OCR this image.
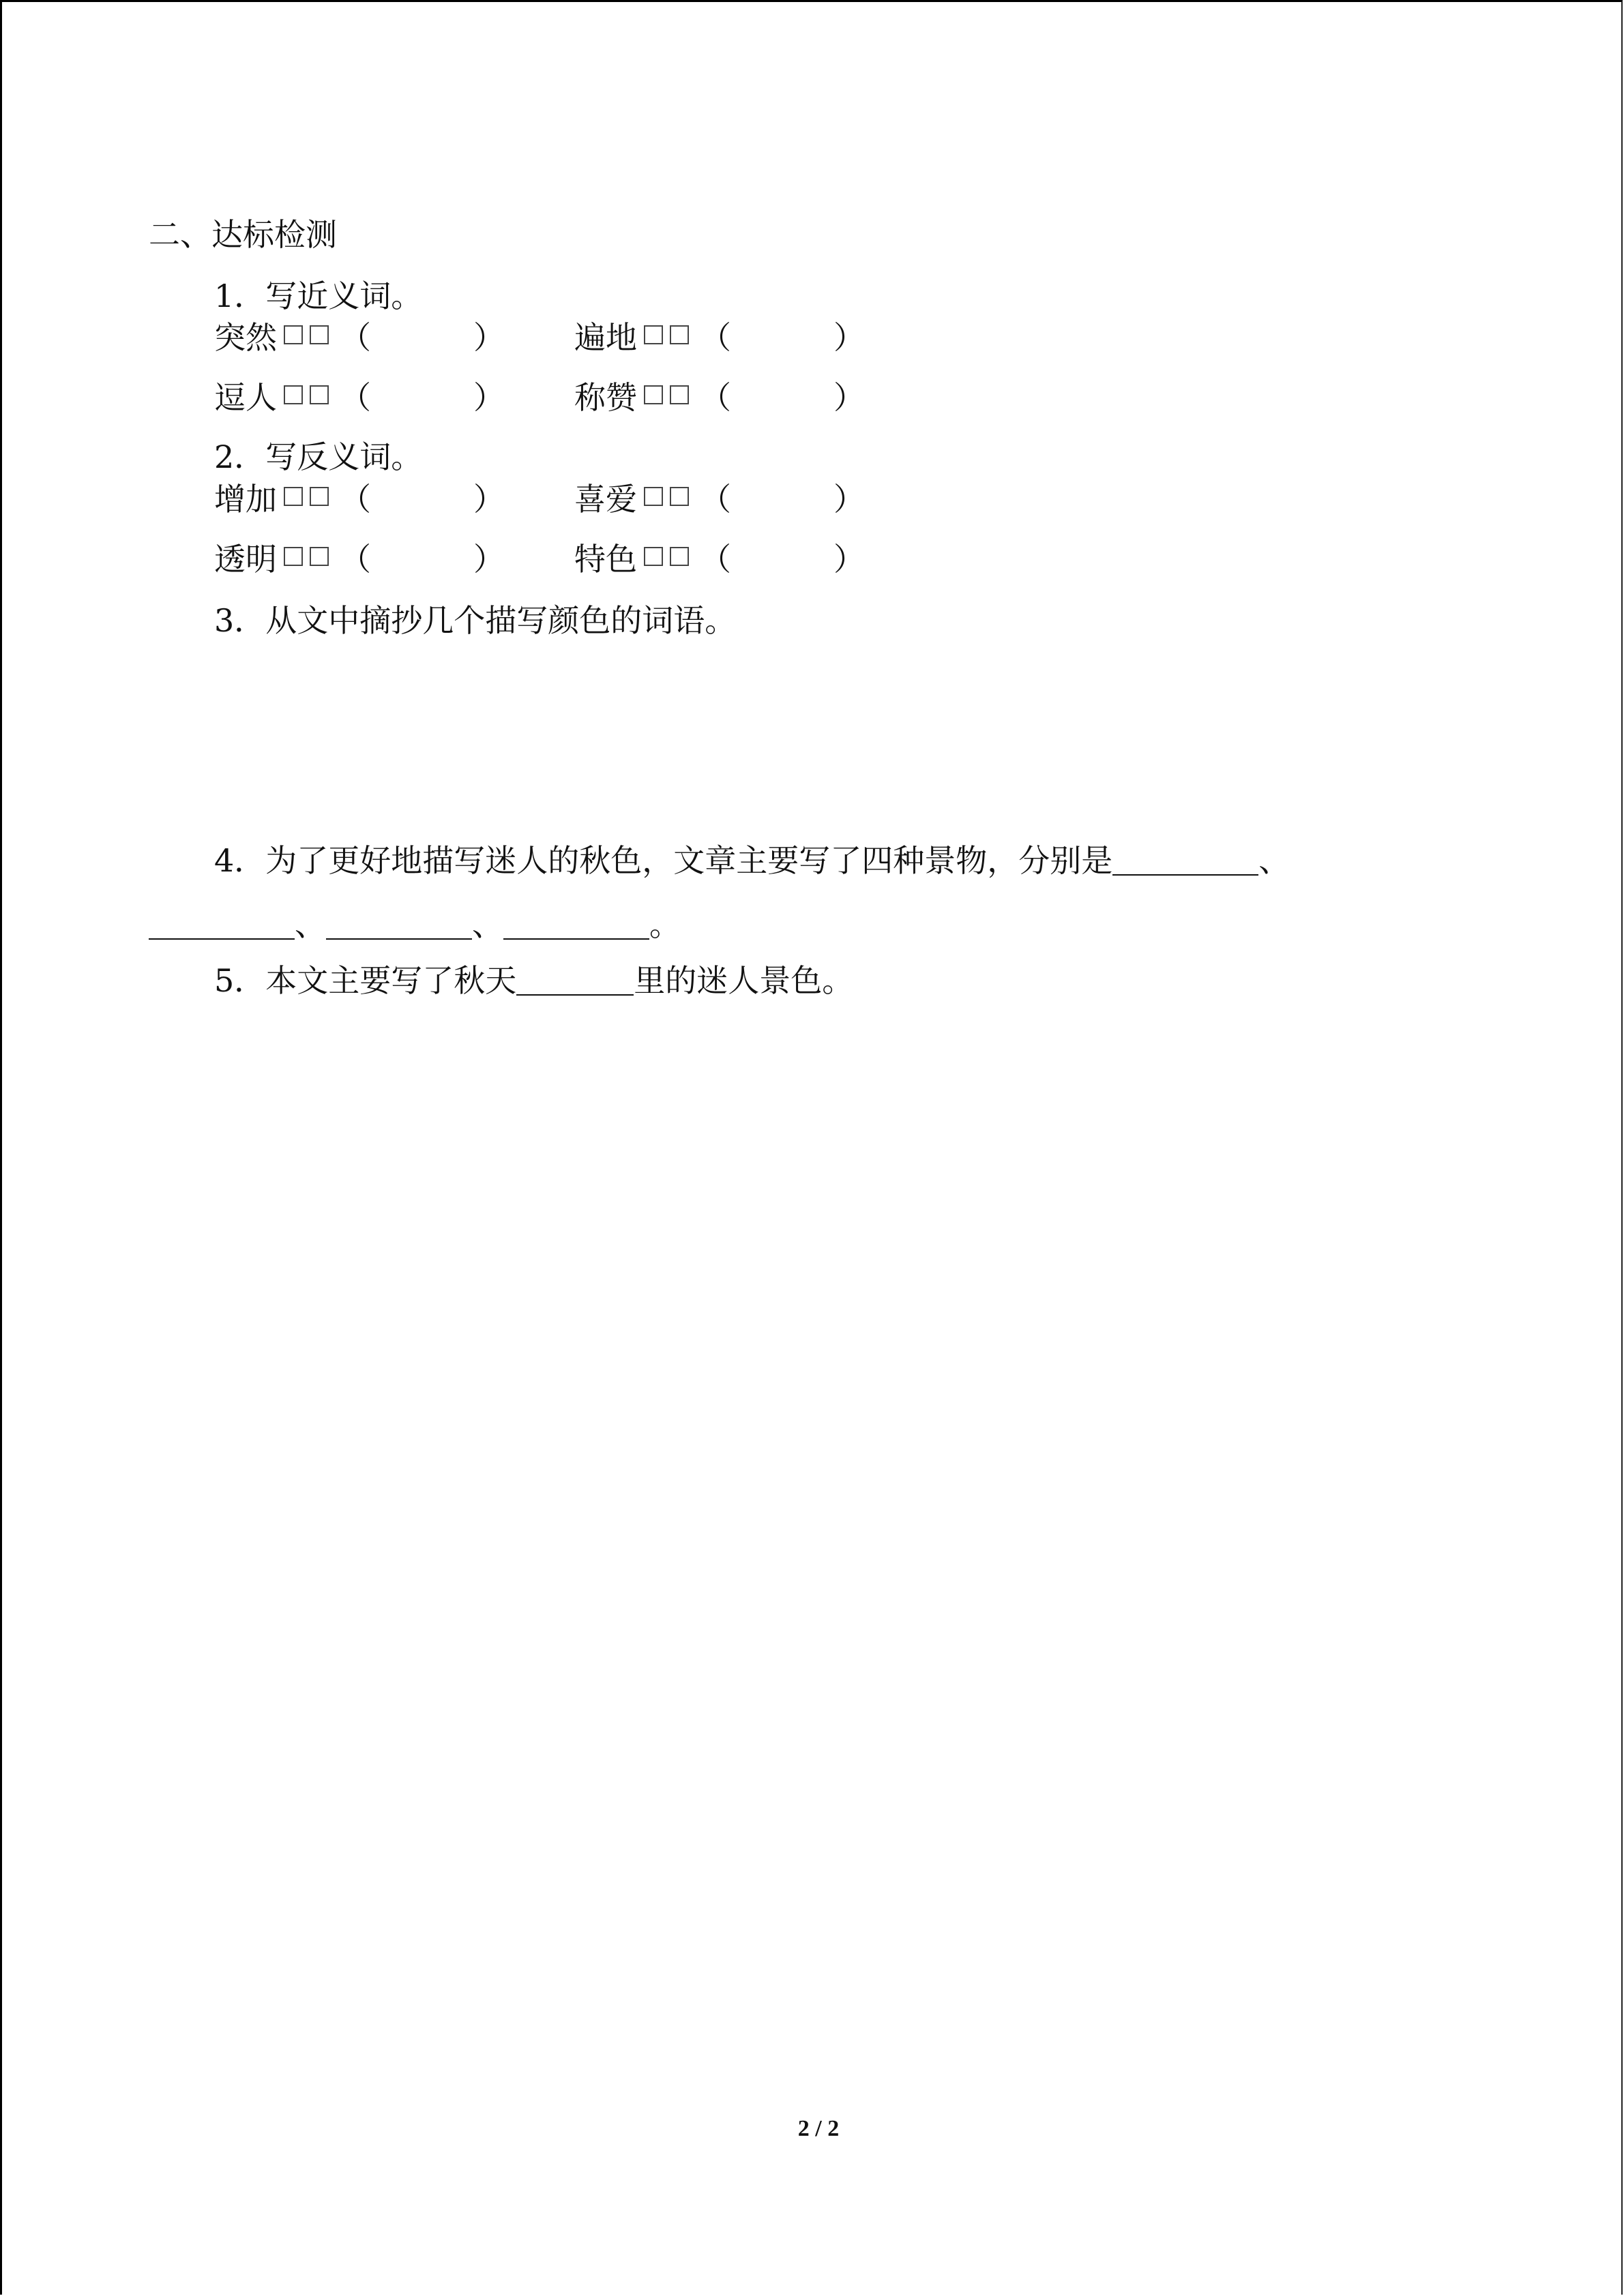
二、达标检测
1．写近义词。
突然 （	） 遍地 （	）
逗人 （	） 称赞 （	）
2．写反义词。
增加 （	） 喜爱 （	）
透明 （	） 特色 （	）
3．从文中摘抄几个描写颜色的词语。
4．为了更好地描写迷人的秋色，文章主要写了四种景物，分别是	、
、	、	。
5．本文主要写了秋天	里的迷人景色。
2 / 2
